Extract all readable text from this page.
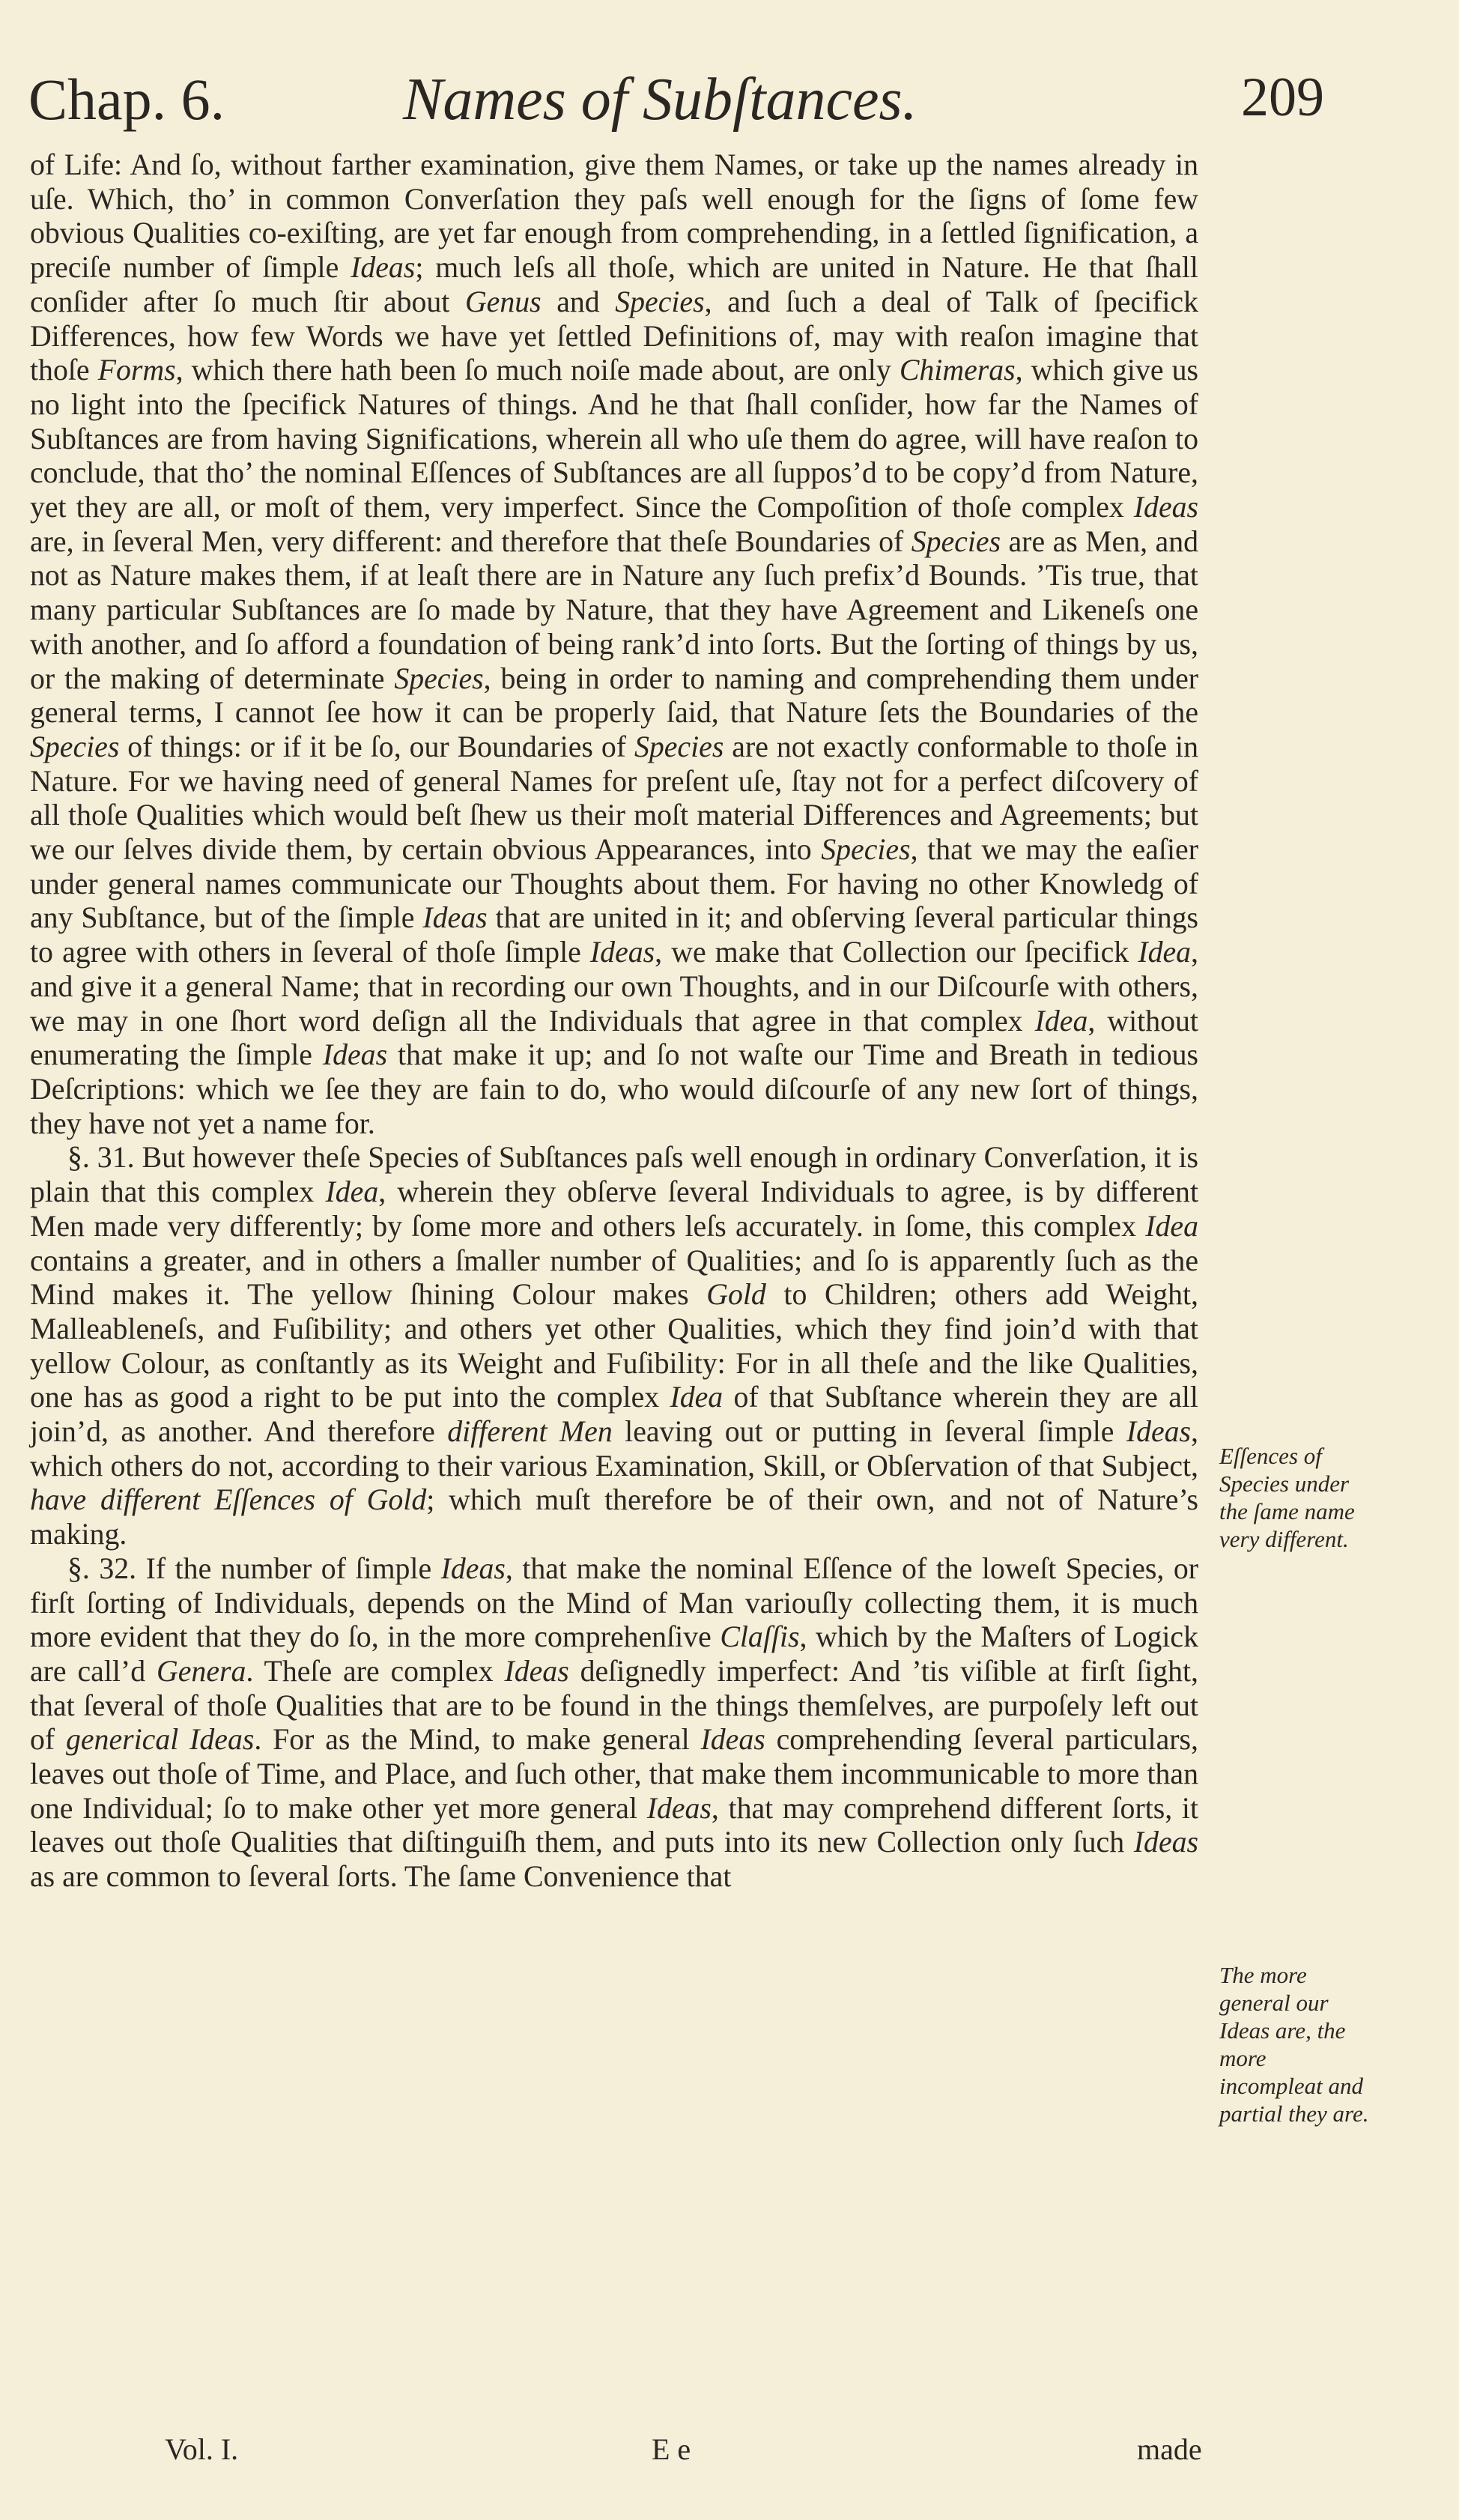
Chap. 6.	Names of Subſtances.	209

of Life: And ſo, without farther examination, give them Names, or take up the names already in uſe. Which, tho’ in common Converſation they paſs well enough for the ſigns of ſome few obvious Qualities co-exiſting, are yet far enough from comprehending, in a ſettled ſignification, a preciſe number of ſimple Ideas; much leſs all thoſe, which are united in Nature. He that ſhall conſider after ſo much ſtir about Genus and Species, and ſuch a deal of Talk of ſpecifick Differences, how few Words we have yet ſettled Definitions of, may with reaſon imagine that thoſe Forms, which there hath been ſo much noiſe made about, are only Chimeras, which give us no light into the ſpecifick Natures of things. And he that ſhall conſider, how far the Names of Subſtances are from having Significations, wherein all who uſe them do agree, will have reaſon to conclude, that tho’ the nominal Eſſences of Subſtances are all ſuppos’d to be copy’d from Nature, yet they are all, or moſt of them, very imperfect. Since the Compoſition of thoſe complex Ideas are, in ſeveral Men, very different: and therefore that theſe Boundaries of Species are as Men, and not as Nature makes them, if at leaſt there are in Nature any ſuch prefix’d Bounds. ’Tis true, that many particular Subſtances are ſo made by Nature, that they have Agreement and Likeneſs one with another, and ſo afford a foundation of being rank’d into ſorts. But the ſorting of things by us, or the making of determinate Species, being in order to naming and comprehending them under general terms, I cannot ſee how it can be properly ſaid, that Nature ſets the Boundaries of the Species of things: or if it be ſo, our Boundaries of Species are not exactly conformable to thoſe in Nature. For we having need of general Names for preſent uſe, ſtay not for a perfect diſcovery of all thoſe Qualities which would beſt ſhew us their moſt material Differences and Agreements; but we our ſelves divide them, by certain obvious Appearances, into Species, that we may the eaſier under general names communicate our Thoughts about them. For having no other Knowledg of any Subſtance, but of the ſimple Ideas that are united in it; and obſerving ſeveral particular things to agree with others in ſeveral of thoſe ſimple Ideas, we make that Collection our ſpecifick Idea, and give it a general Name; that in recording our own Thoughts, and in our Diſcourſe with others, we may in one ſhort word deſign all the Individuals that agree in that complex Idea, without enumerating the ſimple Ideas that make it up; and ſo not waſte our Time and Breath in tedious Deſcriptions: which we ſee they are fain to do, who would diſcourſe of any new ſort of things, they have not yet a name for.

§. 31. But however theſe Species of Subſtances paſs well enough in ordinary Converſation, it is plain that this complex Idea, wherein they obſerve ſeveral Individuals to agree, is by different Men made very differently; by ſome more and others leſs accurately. in ſome, this complex Idea contains a greater, and in others a ſmaller number of Qualities; and ſo is apparently ſuch as the Mind makes it. The yellow ſhining Colour makes Gold to Children; others add Weight, Malleableneſs, and Fuſibility; and others yet other Qualities, which they find join’d with that yellow Colour, as conſtantly as its Weight and Fuſibility: For in all theſe and the like Qualities, one has as good a right to be put into the complex Idea of that Subſtance wherein they are all join’d, as another. And therefore different Men leaving out or putting in ſeveral ſimple Ideas, which others do not, according to their various Examination, Skill, or Obſervation of that Subject, have different Eſſences of Gold; which muſt therefore be of their own, and not of Nature’s making.

§. 32. If the number of ſimple Ideas, that make the nominal Eſſence of the loweſt Species, or firſt ſorting of Individuals, depends on the Mind of Man variouſly collecting them, it is much more evident that they do ſo, in the more comprehenſive Claſſis, which by the Maſters of Logick are call’d Genera. Theſe are complex Ideas deſignedly imperfect: And ’tis viſible at firſt ſight, that ſeveral of thoſe Qualities that are to be found in the things themſelves, are purpoſely left out of generical Ideas. For as the Mind, to make general Ideas comprehending ſeveral particulars, leaves out thoſe of Time, and Place, and ſuch other, that make them incommunicable to more than one Individual; ſo to make other yet more general Ideas, that may comprehend different ſorts, it leaves out thoſe Qualities that diſtinguiſh them, and puts into its new Collection only ſuch Ideas as are common to ſeveral ſorts. The ſame Convenience that

Eſſences of Species under the ſame name very different.
The more general our Ideas are, the more incompleat and partial they are.
Vol. I.	E e	made
